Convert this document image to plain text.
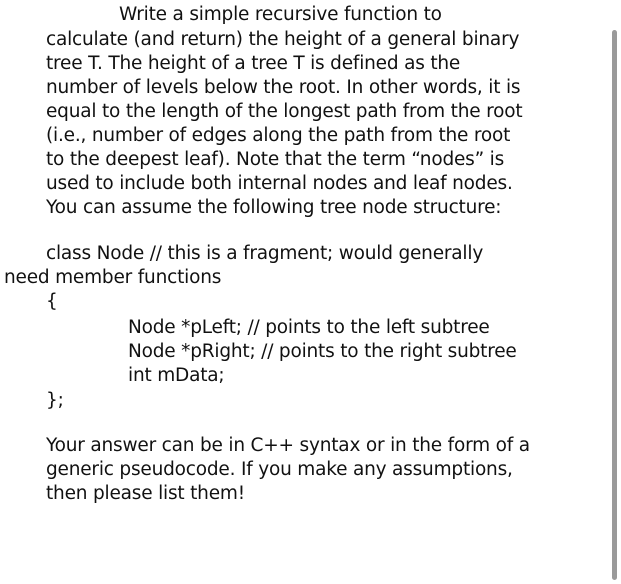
Write a simple recursive function to
calculate (and return) the height of a general binary
tree T. The height of a tree T is defined as the
number of levels below the root. In other words, it is
equal to the length of the longest path from the root
(i.e., number of edges along the path from the root
to the deepest leaf). Note that the term “nodes” is
used to include both internal nodes and leaf nodes.
You can assume the following tree node structure:
class Node // this is a fragment; would generally
need member functions
{
Node *pLeft; // points to the left subtree
Node *pRight; // points to the right subtree
int mData;
};
Your answer can be in C++ syntax or in the form of a
generic pseudocode. If you make any assumptions,
then please list them!
